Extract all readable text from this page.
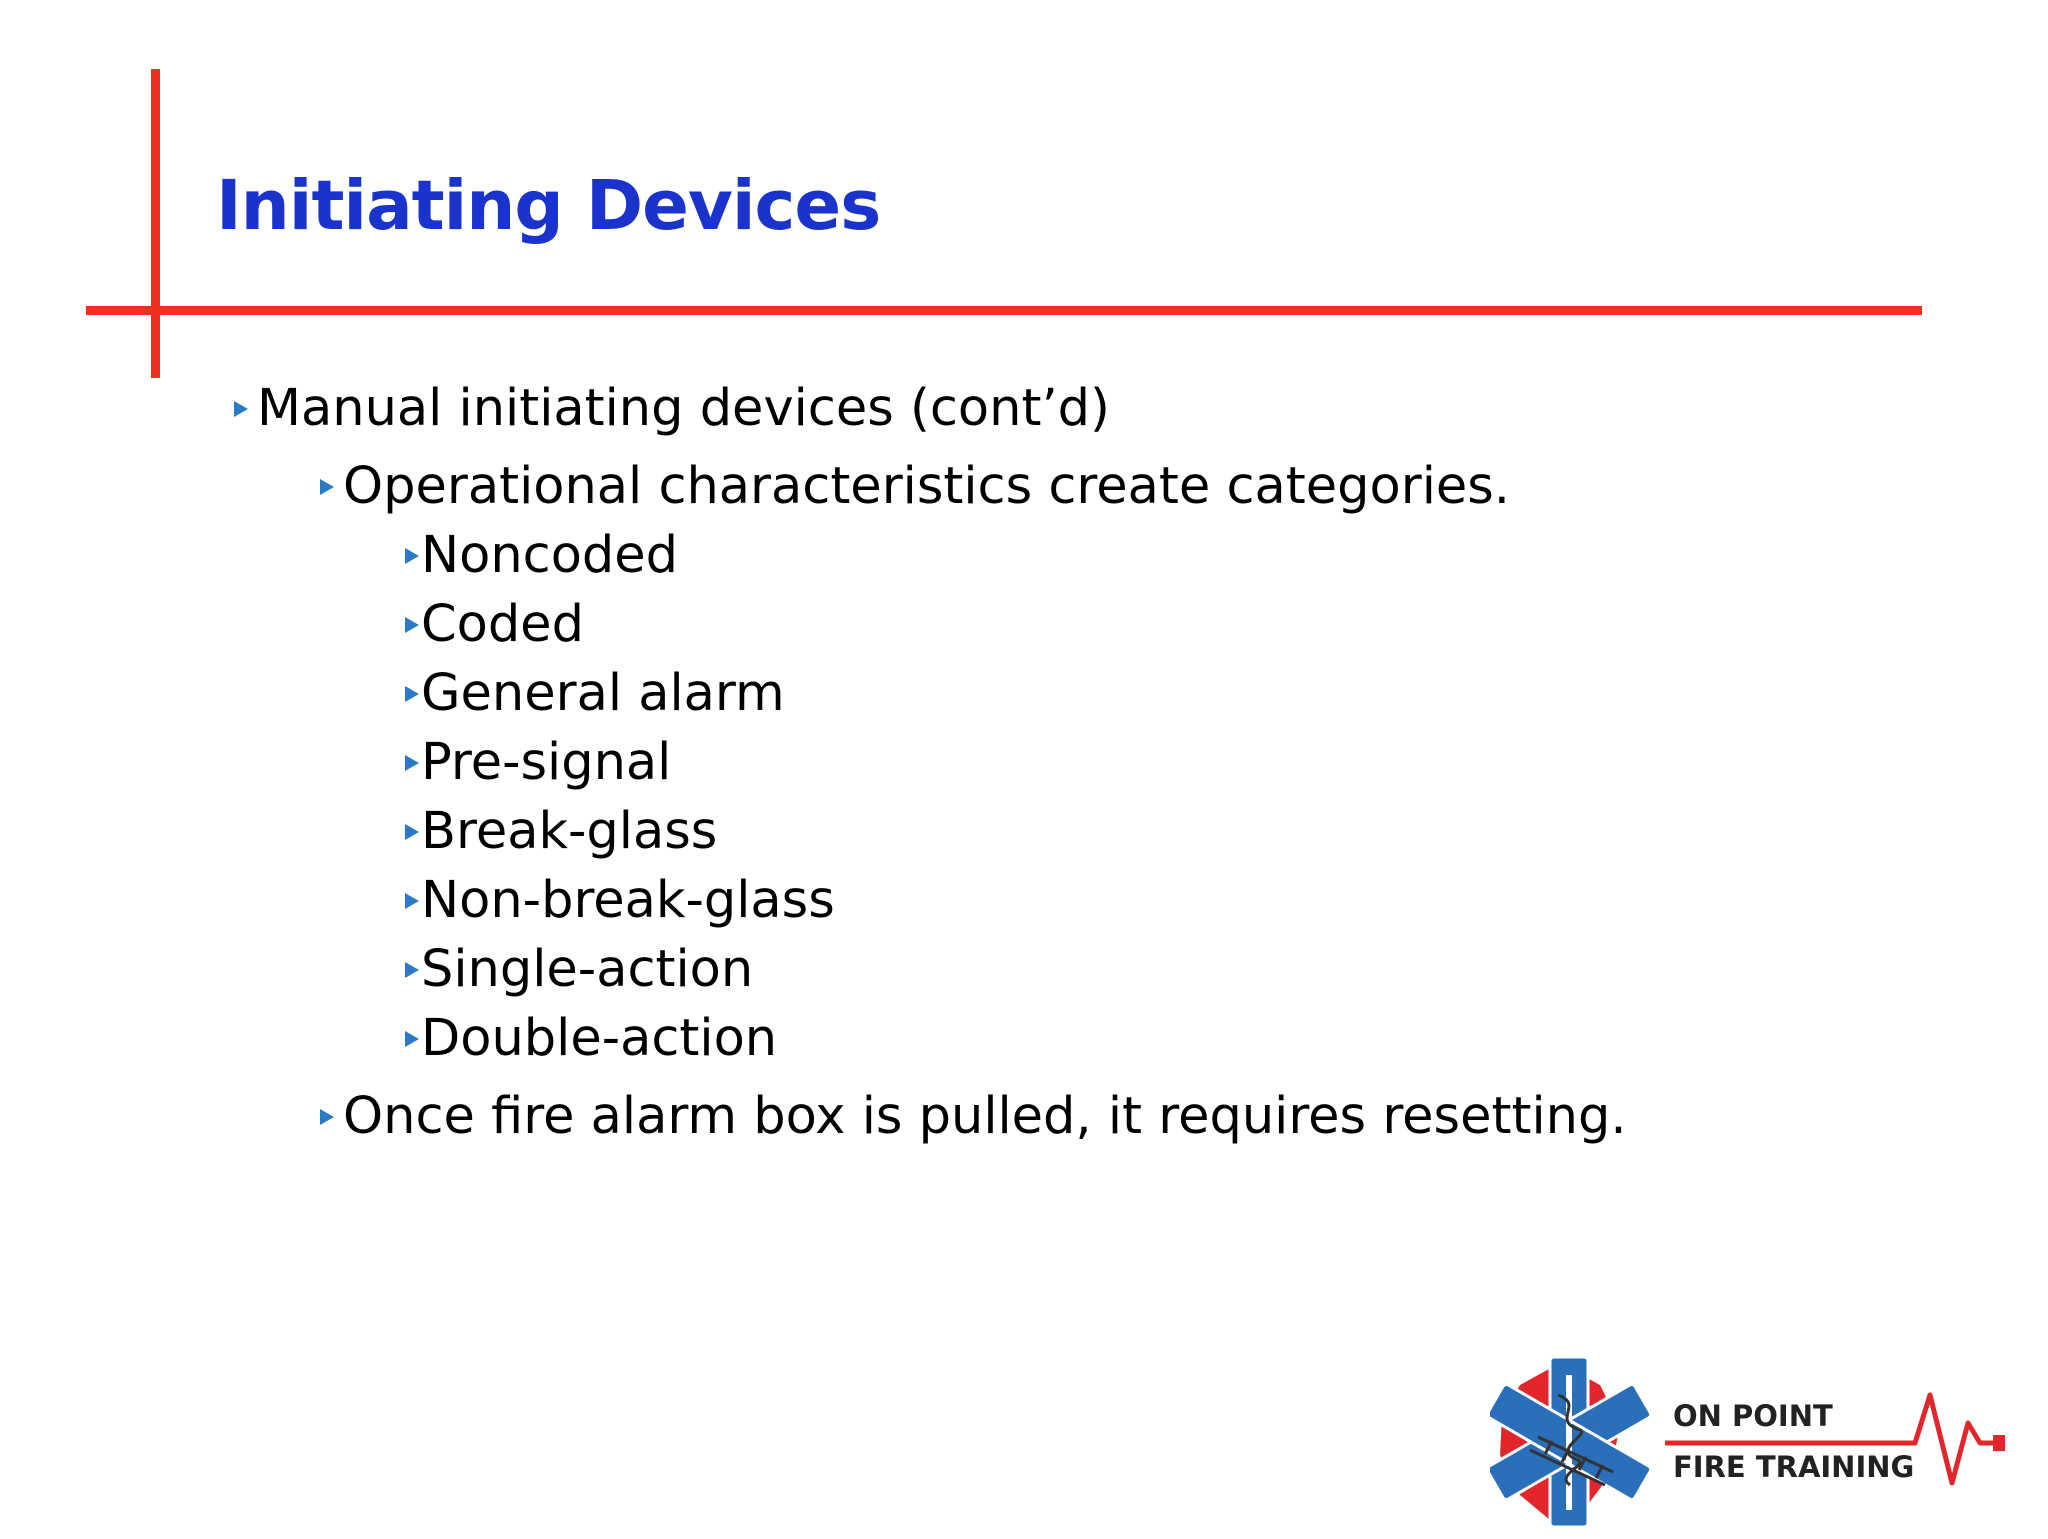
Initiating Devices
Manual initiating devices (cont’d)
Operational characteristics create categories.
Noncoded
Coded
General alarm
Pre-signal
Break-glass
Non-break-glass
Single-action
Double-action
Once fire alarm box is pulled, it requires resetting.
ON POINT
FIRE TRAINING
